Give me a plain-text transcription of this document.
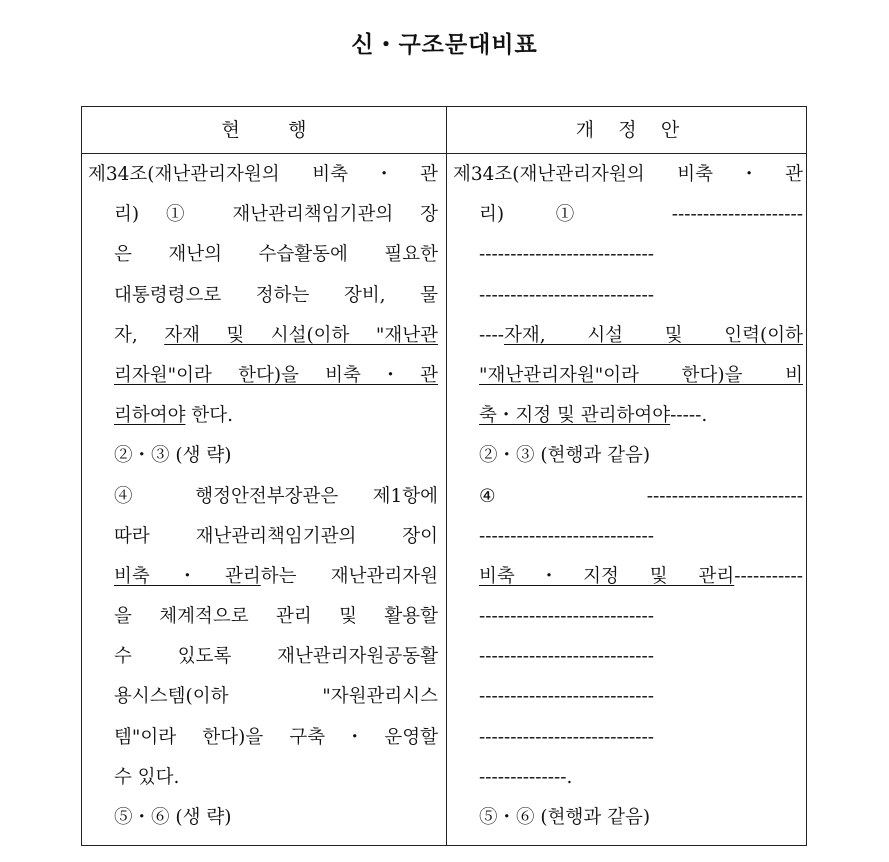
신・구조문대비표
현        행	개    정    안
제34조(재난관리자원의 비축・관
리) ① 재난관리책임기관의 장
은 재난의 수습활동에 필요한
대통령령으로 정하는 장비, 물
자, 자재 및 시설(이하 "재난관
리자원"이라 한다)을 비축・관
리하여야 한다.
②・③ (생 략)
④ 행정안전부장관은 제1항에
따라 재난관리책임기관의 장이
비축・관리하는 재난관리자원
을 체계적으로 관리 및 활용할
수 있도록 재난관리자원공동활
용시스템(이하 "자원관리시스
템"이라 한다)을 구축・운영할
수 있다.
⑤・⑥ (생 략)
제34조(재난관리자원의 비축・관
리) ① ---------------------
----------------------------
----------------------------
----자재, 시설 및 인력(이하
"재난관리자원"이라 한다)을 비
축・지정 및 관리하여야-----.
②・③ (현행과 같음)
④ -------------------------
----------------------------
비축・지정 및 관리-----------
----------------------------
----------------------------
----------------------------
----------------------------
--------------.
⑤・⑥ (현행과 같음)
